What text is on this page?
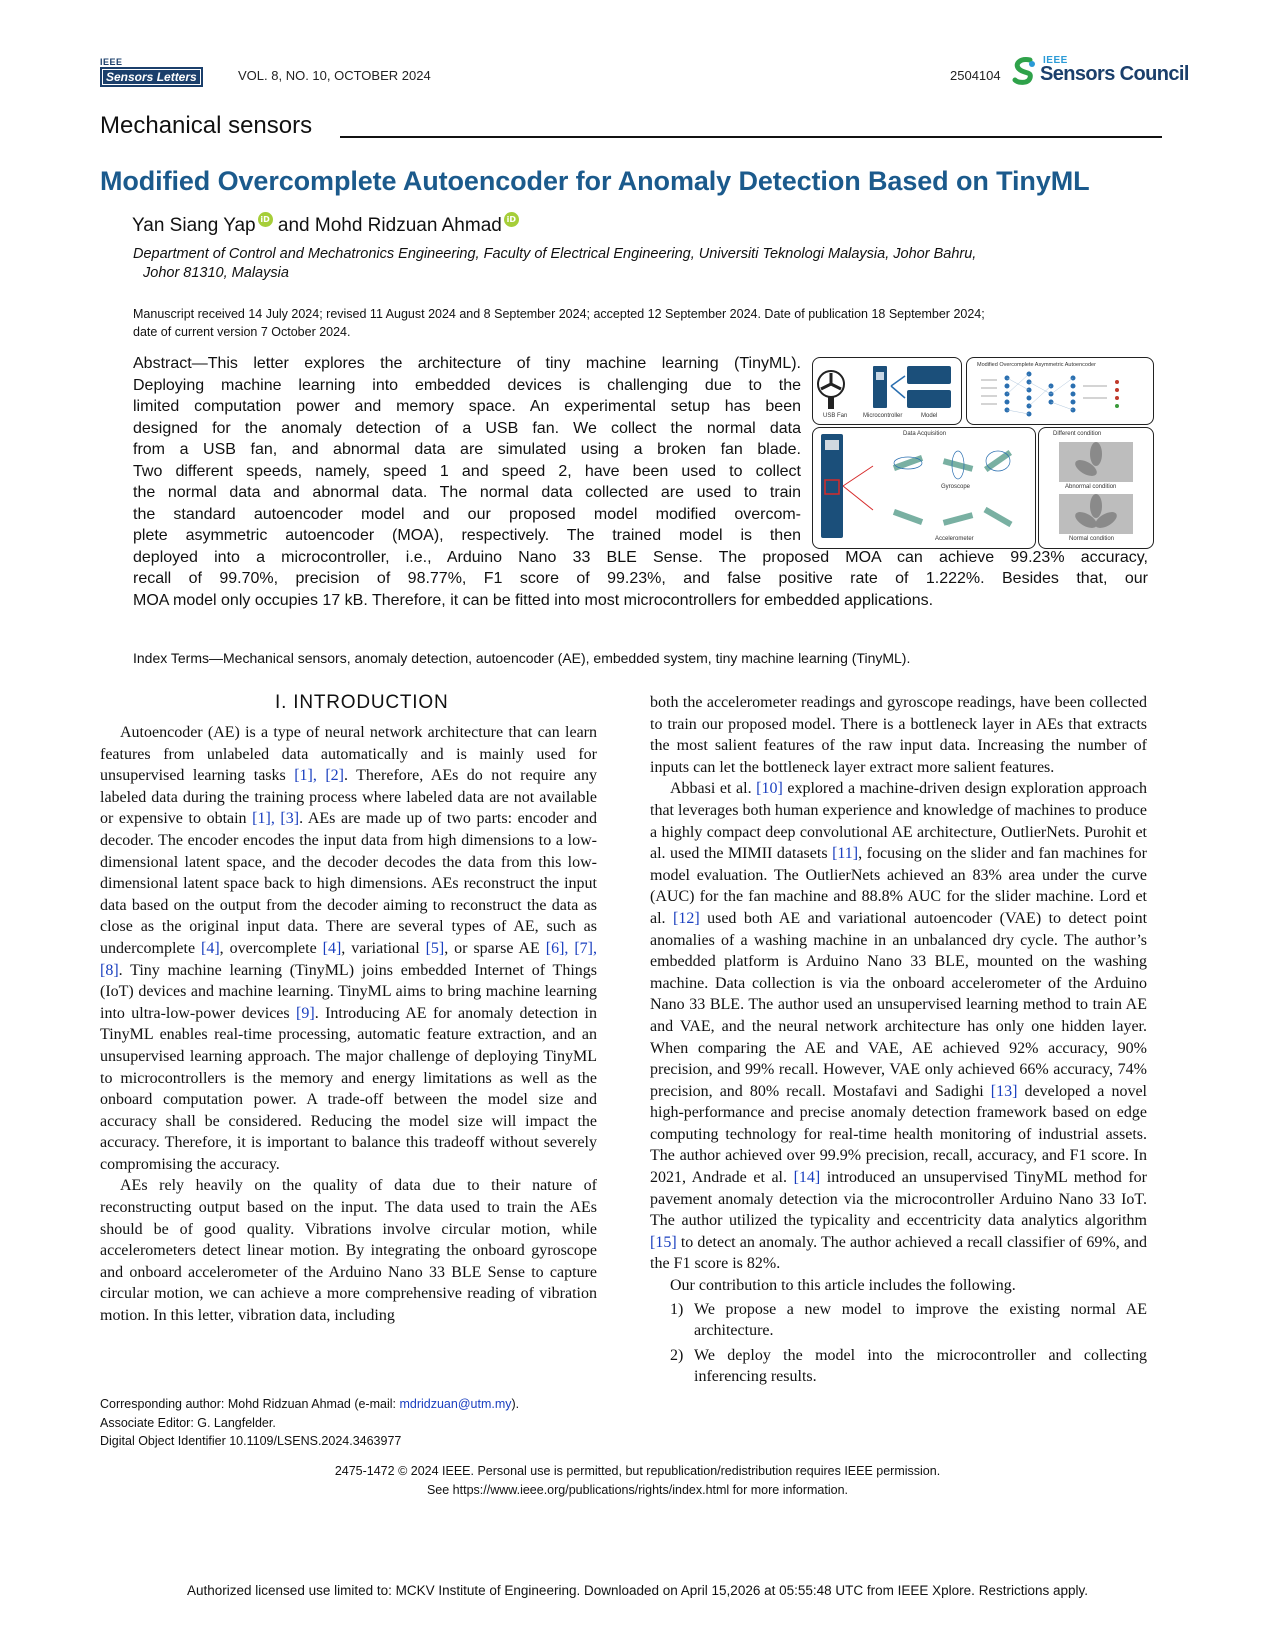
IEEE
Sensors Letters	VOL. 8, NO. 10, OCTOBER 2024	2504104
IEEE
Sensors Council
Mechanical sensors
Modified Overcomplete Autoencoder for Anomaly Detection Based on TinyML
Yan Siang Yap iD and Mohd Ridzuan Ahmad iD
Department of Control and Mechatronics Engineering, Faculty of Electrical Engineering, Universiti Teknologi Malaysia, Johor Bahru,
Johor 81310, Malaysia
Manuscript received 14 July 2024; revised 11 August 2024 and 8 September 2024; accepted 12 September 2024. Date of publication 18 September 2024;
date of current version 7 October 2024.
Abstract—This letter explores the architecture of tiny machine learning (TinyML).
Deploying machine learning into embedded devices is challenging due to the
limited computation power and memory space. An experimental setup has been
designed for the anomaly detection of a USB fan. We collect the normal data
from a USB fan, and abnormal data are simulated using a broken fan blade.
Two different speeds, namely, speed 1 and speed 2, have been used to collect
the normal data and abnormal data. The normal data collected are used to train
the standard autoencoder model and our proposed model modified overcom-
plete asymmetric autoencoder (MOA), respectively. The trained model is then
deployed into a microcontroller, i.e., Arduino Nano 33 BLE Sense. The proposed MOA can achieve 99.23% accuracy,
recall of 99.70%, precision of 98.77%, F1 score of 99.23%, and false positive rate of 1.222%. Besides that, our
MOA model only occupies 17 kB. Therefore, it can be fitted into most microcontrollers for embedded applications.
USB Fan	Microcontroller	Model
Modified Overcomplete Asymmetric Autoencoder
Data Acquisition
Gyroscope
Accelerometer
Different condition
Abnormal condition
Normal condition
Index Terms—Mechanical sensors, anomaly detection, autoencoder (AE), embedded system, tiny machine learning (TinyML).
I. INTRODUCTION

Autoencoder (AE) is a type of neural network architecture that can learn features from unlabeled data automatically and is mainly used for unsupervised learning tasks [1], [2]. Therefore, AEs do not require any labeled data during the training process where labeled data are not available or expensive to obtain [1], [3]. AEs are made up of two parts: encoder and decoder. The encoder encodes the input data from high dimensions to a low-dimensional latent space, and the decoder decodes the data from this low-dimensional latent space back to high dimensions. AEs reconstruct the input data based on the output from the decoder aiming to reconstruct the data as close as the original input data. There are several types of AE, such as undercomplete [4], overcomplete [4], variational [5], or sparse AE [6], [7], [8]. Tiny machine learning (TinyML) joins embedded Internet of Things (IoT) devices and machine learning. TinyML aims to bring machine learning into ultra-low-power devices [9]. Introducing AE for anomaly detection in TinyML enables real-time processing, automatic feature extraction, and an unsupervised learning approach. The major challenge of deploying TinyML to microcontrollers is the memory and energy limitations as well as the onboard computation power. A trade-off between the model size and accuracy shall be considered. Reducing the model size will impact the accuracy. Therefore, it is important to balance this tradeoff without severely compromising the accuracy.

AEs rely heavily on the quality of data due to their nature of reconstructing output based on the input. The data used to train the AEs should be of good quality. Vibrations involve circular motion, while accelerometers detect linear motion. By integrating the onboard gyroscope and onboard accelerometer of the Arduino Nano 33 BLE Sense to capture circular motion, we can achieve a more comprehensive reading of vibration motion. In this letter, vibration data, including

both the accelerometer readings and gyroscope readings, have been collected to train our proposed model. There is a bottleneck layer in AEs that extracts the most salient features of the raw input data. Increasing the number of inputs can let the bottleneck layer extract more salient features.

Abbasi et al. [10] explored a machine-driven design exploration approach that leverages both human experience and knowledge of machines to produce a highly compact deep convolutional AE architecture, OutlierNets. Purohit et al. used the MIMII datasets [11], focusing on the slider and fan machines for model evaluation. The OutlierNets achieved an 83% area under the curve (AUC) for the fan machine and 88.8% AUC for the slider machine. Lord et al. [12] used both AE and variational autoencoder (VAE) to detect point anomalies of a washing machine in an unbalanced dry cycle. The author’s embedded platform is Arduino Nano 33 BLE, mounted on the washing machine. Data collection is via the onboard accelerometer of the Arduino Nano 33 BLE. The author used an unsupervised learning method to train AE and VAE, and the neural network architecture has only one hidden layer. When comparing the AE and VAE, AE achieved 92% accuracy, 90% precision, and 99% recall. However, VAE only achieved 66% accuracy, 74% precision, and 80% recall. Mostafavi and Sadighi [13] developed a novel high-performance and precise anomaly detection framework based on edge computing technology for real-time health monitoring of industrial assets. The author achieved over 99.9% precision, recall, accuracy, and F1 score. In 2021, Andrade et al. [14] introduced an unsupervised TinyML method for pavement anomaly detection via the microcontroller Arduino Nano 33 IoT. The author utilized the typicality and eccentricity data analytics algorithm [15] to detect an anomaly. The author achieved a recall classifier of 69%, and the F1 score is 82%.

Our contribution to this article includes the following.

1) We propose a new model to improve the existing normal AE architecture.
2) We deploy the model into the microcontroller and collecting inferencing results.
Corresponding author: Mohd Ridzuan Ahmad (e-mail: mdridzuan@utm.my).
Associate Editor: G. Langfelder.
Digital Object Identifier 10.1109/LSENS.2024.3463977
2475-1472 © 2024 IEEE. Personal use is permitted, but republication/redistribution requires IEEE permission.
See https://www.ieee.org/publications/rights/index.html for more information.
Authorized licensed use limited to: MCKV Institute of Engineering. Downloaded on April 15,2026 at 05:55:48 UTC from IEEE Xplore. Restrictions apply.
